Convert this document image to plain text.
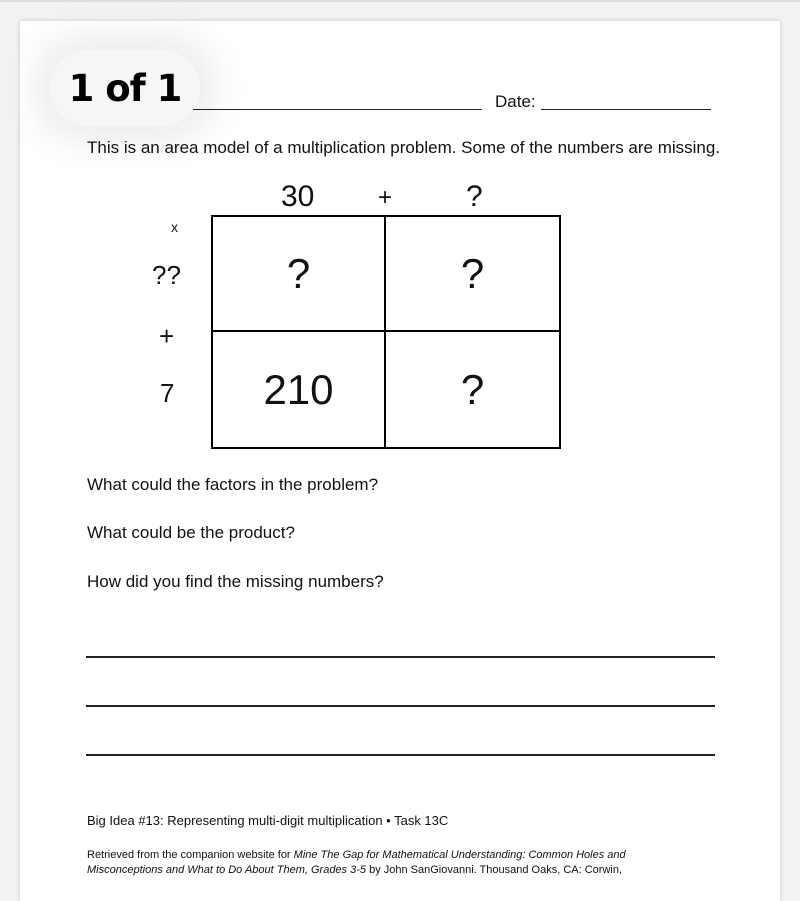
1 of 1	Date:
This is an area model of a multiplication problem. Some of the numbers are missing.
30	+ ?
x
??
+
7
?	?
210	?
What could the factors in the problem?
What could be the product?
How did you find the missing numbers?
Big Idea #13: Representing multi-digit multiplication • Task 13C
Retrieved from the companion website for Mine The Gap for Mathematical Understanding: Common Holes and Misconceptions and What to Do About Them, Grades 3-5 by John SanGiovanni. Thousand Oaks, CA: Corwin,
